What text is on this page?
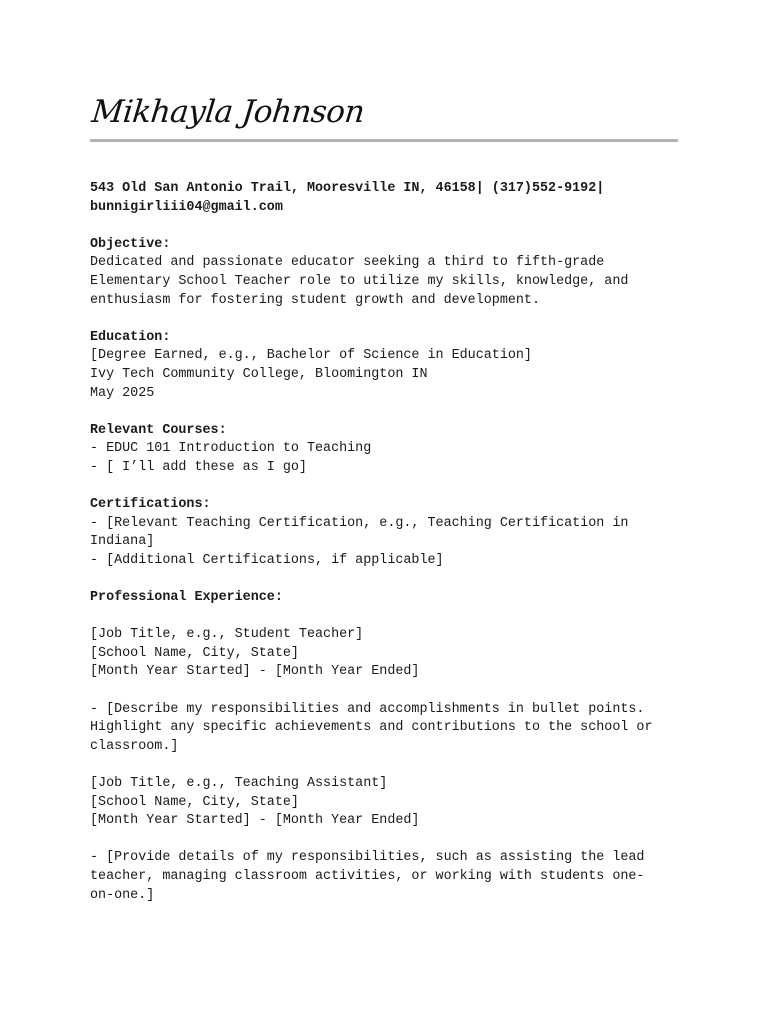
Mikhayla Johnson
543 Old San Antonio Trail, Mooresville IN, 46158| (317)552-9192|
bunnigirliii04@gmail.com
Objective:
Dedicated and passionate educator seeking a third to fifth-grade
Elementary School Teacher role to utilize my skills, knowledge, and
enthusiasm for fostering student growth and development.
Education:
[Degree Earned, e.g., Bachelor of Science in Education]
Ivy Tech Community College, Bloomington IN
May 2025
Relevant Courses:
- EDUC 101 Introduction to Teaching
- [ I’ll add these as I go]
Certifications:
- [Relevant Teaching Certification, e.g., Teaching Certification in
Indiana]
- [Additional Certifications, if applicable]
Professional Experience:
[Job Title, e.g., Student Teacher]
[School Name, City, State]
[Month Year Started] - [Month Year Ended]
- [Describe my responsibilities and accomplishments in bullet points.
Highlight any specific achievements and contributions to the school or
classroom.]
[Job Title, e.g., Teaching Assistant]
[School Name, City, State]
[Month Year Started] - [Month Year Ended]
- [Provide details of my responsibilities, such as assisting the lead
teacher, managing classroom activities, or working with students one-
on-one.]
